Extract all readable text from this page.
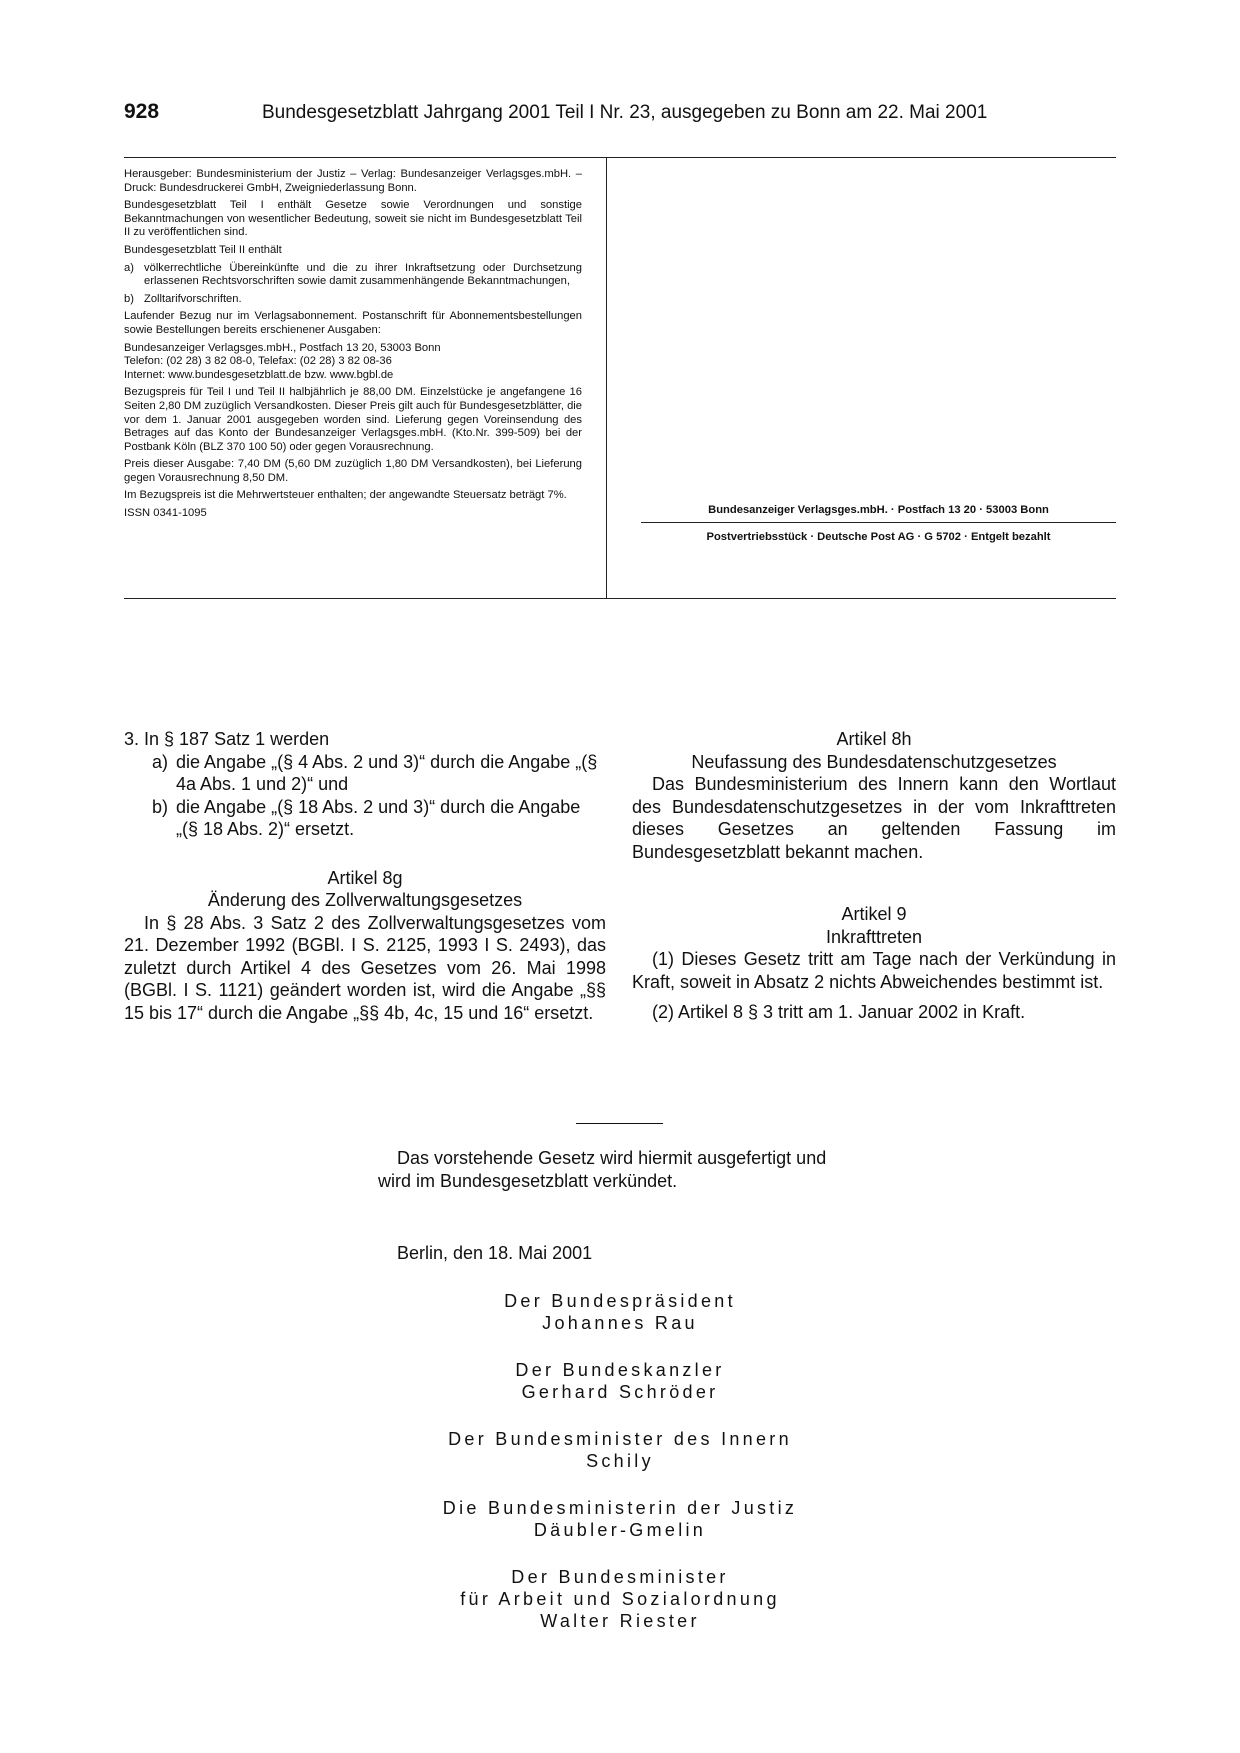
928	Bundesgesetzblatt Jahrgang 2001 Teil I Nr. 23, ausgegeben zu Bonn am 22. Mai 2001

Herausgeber: Bundesministerium der Justiz – Verlag: Bundesanzeiger Verlagsges.mbH. – Druck: Bundesdruckerei GmbH, Zweigniederlassung Bonn.

Bundesgesetzblatt Teil I enthält Gesetze sowie Verordnungen und sonstige Bekanntmachungen von wesentlicher Bedeutung, soweit sie nicht im Bundesgesetzblatt Teil II zu veröffentlichen sind.

Bundesgesetzblatt Teil II enthält

a) völkerrechtliche Übereinkünfte und die zu ihrer Inkraftsetzung oder Durchsetzung erlassenen Rechtsvorschriften sowie damit zusammenhängende Bekanntmachungen,

b) Zolltarifvorschriften.

Laufender Bezug nur im Verlagsabonnement. Postanschrift für Abonnementsbestellungen sowie Bestellungen bereits erschienener Ausgaben:

Bundesanzeiger Verlagsges.mbH., Postfach 13 20, 53003 Bonn
Telefon: (02 28) 3 82 08-0, Telefax: (02 28) 3 82 08-36
Internet: www.bundesgesetzblatt.de bzw. www.bgbl.de

Bezugspreis für Teil I und Teil II halbjährlich je 88,00 DM. Einzelstücke je angefangene 16 Seiten 2,80 DM zuzüglich Versandkosten. Dieser Preis gilt auch für Bundesgesetzblätter, die vor dem 1. Januar 2001 ausgegeben worden sind. Lieferung gegen Voreinsendung des Betrages auf das Konto der Bundesanzeiger Verlagsges.mbH. (Kto.Nr. 399-509) bei der Postbank Köln (BLZ 370 100 50) oder gegen Vorausrechnung.

Preis dieser Ausgabe: 7,40 DM (5,60 DM zuzüglich 1,80 DM Versandkosten), bei Lieferung gegen Vorausrechnung 8,50 DM.

Im Bezugspreis ist die Mehrwertsteuer enthalten; der angewandte Steuersatz beträgt 7%.

ISSN 0341-1095	Bundesanzeiger Verlagsges.mbH. · Postfach 13 20 · 53003 Bonn
Postvertriebsstück · Deutsche Post AG · G 5702 · Entgelt bezahlt

3. In § 187 Satz 1 werden

a) die Angabe „(§ 4 Abs. 2 und 3)“ durch die Angabe „(§ 4a Abs. 1 und 2)“ und

b) die Angabe „(§ 18 Abs. 2 und 3)“ durch die Angabe „(§ 18 Abs. 2)“ ersetzt.

Artikel 8g

Änderung des Zollverwaltungsgesetzes

In § 28 Abs. 3 Satz 2 des Zollverwaltungsgesetzes vom 21. Dezember 1992 (BGBl. I S. 2125, 1993 I S. 2493), das zuletzt durch Artikel 4 des Gesetzes vom 26. Mai 1998 (BGBl. I S. 1121) geändert worden ist, wird die Angabe „§§ 15 bis 17“ durch die Angabe „§§ 4b, 4c, 15 und 16“ ersetzt.

Artikel 8h

Neufassung des Bundesdatenschutzgesetzes

Das Bundesministerium des Innern kann den Wortlaut des Bundesdatenschutzgesetzes in der vom Inkrafttreten dieses Gesetzes an geltenden Fassung im Bundesgesetzblatt bekannt machen.

Artikel 9

Inkrafttreten

(1) Dieses Gesetz tritt am Tage nach der Verkündung in Kraft, soweit in Absatz 2 nichts Abweichendes bestimmt ist.

(2) Artikel 8 § 3 tritt am 1. Januar 2002 in Kraft.

Das vorstehende Gesetz wird hiermit ausgefertigt und

wird im Bundesgesetzblatt verkündet.

Berlin, den 18. Mai 2001
Der Bundespräsident
Johannes Rau
Der Bundeskanzler
Gerhard Schröder
Der Bundesminister des Innern
Schily
Die Bundesministerin der Justiz
Däubler-Gmelin
Der Bundesminister
für Arbeit und Sozialordnung
Walter Riester
